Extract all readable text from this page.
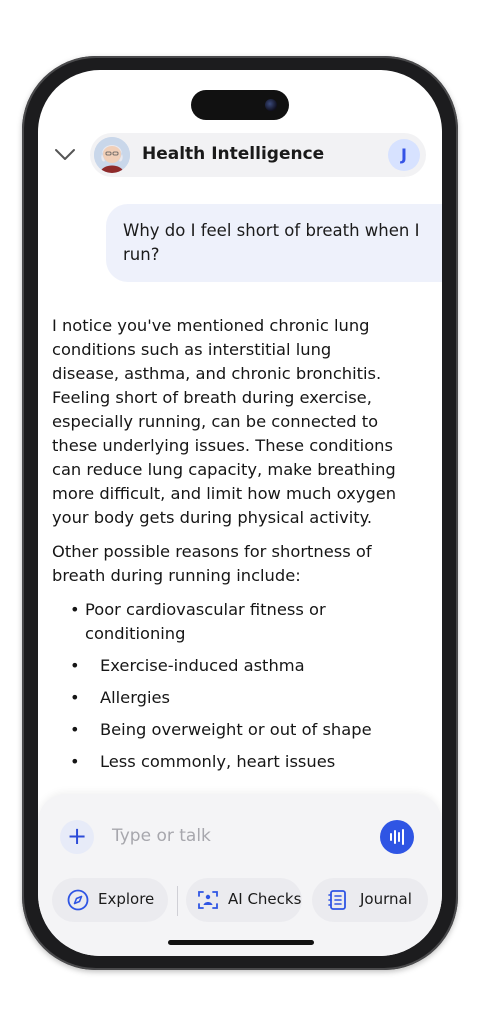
Health Intelligence	J
Why do I feel short of breath when I run?

I notice you've mentioned chronic lung conditions such as interstitial lung disease, asthma, and chronic bronchitis. Feeling short of breath during exercise, especially running, can be connected to these underlying issues. These conditions can reduce lung capacity, make breathing more difficult, and limit how much oxygen your body gets during physical activity.

Other possible reasons for shortness of breath during running include:

• Poor cardiovascular fitness or conditioning
• Exercise-induced asthma
• Allergies
• Being overweight or out of shape
• Less commonly, heart issues
+	Type or talk
Explore	AI Checks	Journal
